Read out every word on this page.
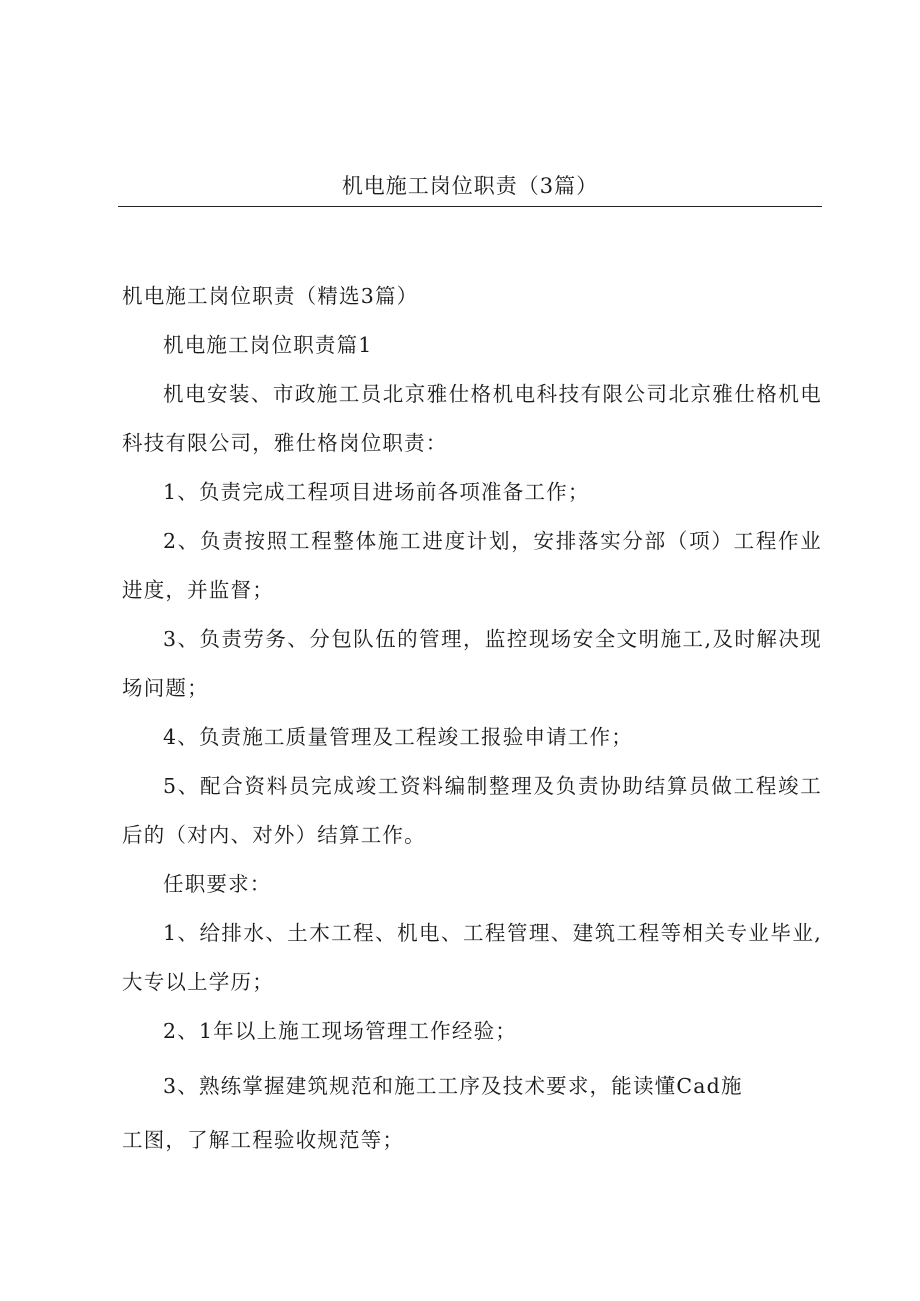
机电施工岗位职责（3篇）

机电施工岗位职责（精选3篇）

机电施工岗位职责篇1

机电安装、市政施工员北京雅仕格机电科技有限公司北京雅仕格机电科技有限公司，雅仕格岗位职责：

1、负责完成工程项目进场前各项准备工作；

2、负责按照工程整体施工进度计划，安排落实分部（项）工程作业进度，并监督；

3、负责劳务、分包队伍的管理，监控现场安全文明施工,及时解决现场问题；

4、负责施工质量管理及工程竣工报验申请工作；

5、配合资料员完成竣工资料编制整理及负责协助结算员做工程竣工后的（对内、对外）结算工作。

任职要求：

1、给排水、土木工程、机电、工程管理、建筑工程等相关专业毕业,大专以上学历；

2、1年以上施工现场管理工作经验；

3、熟练掌握建筑规范和施工工序及技术要求，能读懂Cad施

工图，了解工程验收规范等；
